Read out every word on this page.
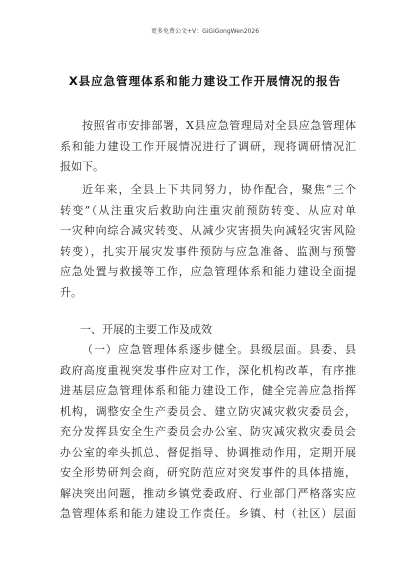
更多免费公文+V：GiGiGongWen2026
X县应急管理体系和能力建设工作开展情况的报告

按照省市安排部署，X县应急管理局对全县应急管理体
系和能力建设工作开展情况进行了调研，现将调研情况汇
报如下。

近年来，全县上下共同努力，协作配合，聚焦“三个
转变”（从注重灾后救助向注重灾前预防转变、从应对单
一灾种向综合减灾转变、从减少灾害损失向减轻灾害风险
转变），扎实开展灾发事件预防与应急准备、监测与预警
应急处置与救援等工作，应急管理体系和能力建设全面提
升。

一、开展的主要工作及成效

（一）应急管理体系逐步健全。县级层面。县委、县
政府高度重视突发事件应对工作，深化机构改革，有序推
进基层应急管理体系和能力建设工作，健全完善应急指挥
机构，调整安全生产委员会、建立防灾减灾救灾委员会，
充分发挥县安全生产委员会办公室、防灾减灾救灾委员会
办公室的牵头抓总、督促指导、协调推动作用，定期开展
安全形势研判会商，研究防范应对突发事件的具体措施，
解决突出问题，推动乡镇党委政府、行业部门严格落实应
急管理体系和能力建设工作责任。乡镇、村（社区）层面
